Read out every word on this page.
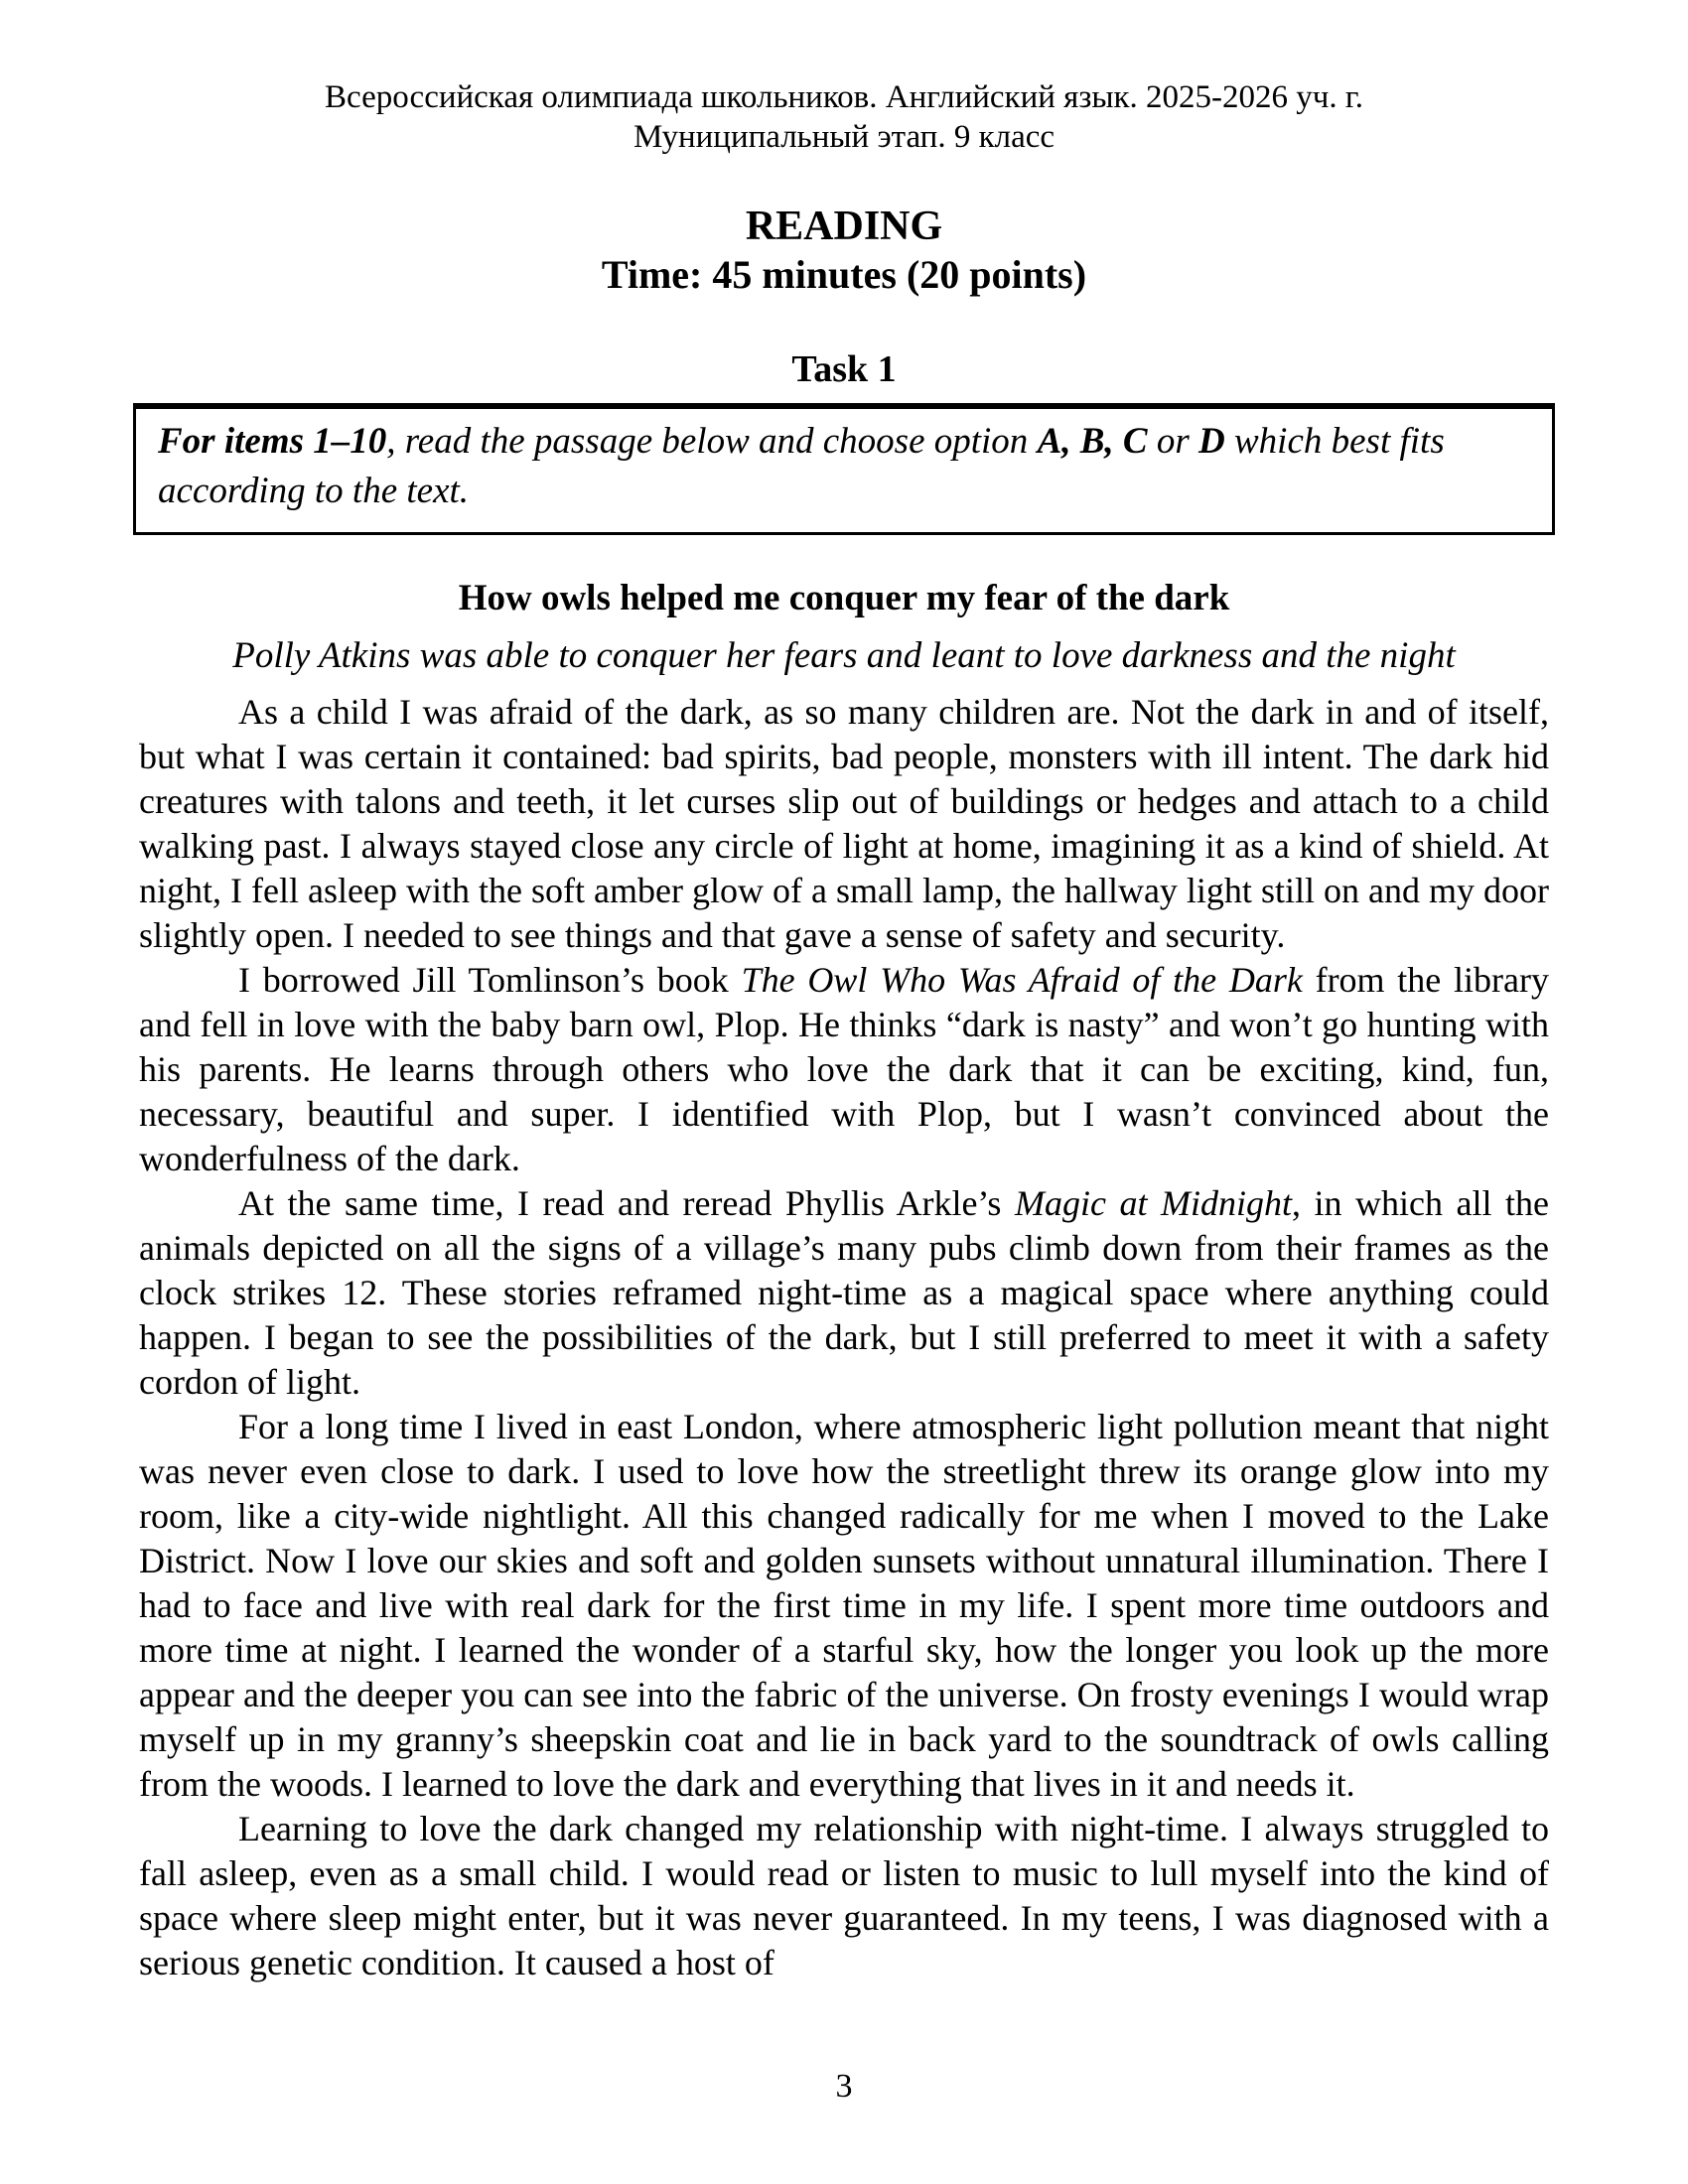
Всероссийская олимпиада школьников. Английский язык. 2025-2026 уч. г.
Муниципальный этап. 9 класс
READING
Time: 45 minutes (20 points)
Task 1
For items 1–10, read the passage below and choose option A, B, C or D which best fits according to the text.
How owls helped me conquer my fear of the dark
Polly Atkins was able to conquer her fears and leant to love darkness and the night

As a child I was afraid of the dark, as so many children are. Not the dark in and of itself, but what I was certain it contained: bad spirits, bad people, monsters with ill intent. The dark hid creatures with talons and teeth, it let curses slip out of buildings or hedges and attach to a child walking past. I always stayed close any circle of light at home, imagining it as a kind of shield. At night, I fell asleep with the soft amber glow of a small lamp, the hallway light still on and my door slightly open. I needed to see things and that gave a sense of safety and security.

I borrowed Jill Tomlinson’s book The Owl Who Was Afraid of the Dark from the library and fell in love with the baby barn owl, Plop. He thinks “dark is nasty” and won’t go hunting with his parents. He learns through others who love the dark that it can be exciting, kind, fun, necessary, beautiful and super. I identified with Plop, but I wasn’t convinced about the wonderfulness of the dark.

At the same time, I read and reread Phyllis Arkle’s Magic at Midnight, in which all the animals depicted on all the signs of a village’s many pubs climb down from their frames as the clock strikes 12. These stories reframed night-time as a magical space where anything could happen. I began to see the possibilities of the dark, but I still preferred to meet it with a safety cordon of light.

For a long time I lived in east London, where atmospheric light pollution meant that night was never even close to dark. I used to love how the streetlight threw its orange glow into my room, like a city-wide nightlight. All this changed radically for me when I moved to the Lake District. Now I love our skies and soft and golden sunsets without unnatural illumination. There I had to face and live with real dark for the first time in my life. I spent more time outdoors and more time at night. I learned the wonder of a starful sky, how the longer you look up the more appear and the deeper you can see into the fabric of the universe. On frosty evenings I would wrap myself up in my granny’s sheepskin coat and lie in back yard to the soundtrack of owls calling from the woods. I learned to love the dark and everything that lives in it and needs it.

Learning to love the dark changed my relationship with night-time. I always struggled to fall asleep, even as a small child. I would read or listen to music to lull myself into the kind of space where sleep might enter, but it was never guaranteed. In my teens, I was diagnosed with a serious genetic condition. It caused a host of

3
